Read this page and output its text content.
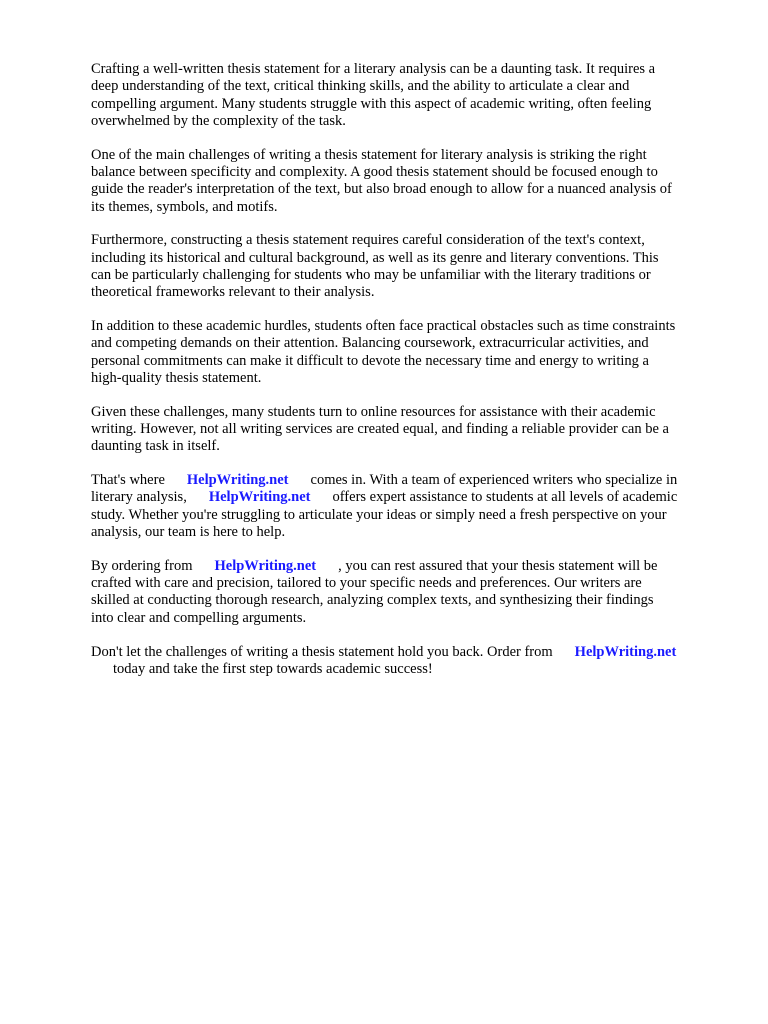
Crafting a well-written thesis statement for a literary analysis can be a daunting task. It requires a
deep understanding of the text, critical thinking skills, and the ability to articulate a clear and
compelling argument. Many students struggle with this aspect of academic writing, often feeling
overwhelmed by the complexity of the task.

One of the main challenges of writing a thesis statement for literary analysis is striking the right
balance between specificity and complexity. A good thesis statement should be focused enough to
guide the reader's interpretation of the text, but also broad enough to allow for a nuanced analysis of
its themes, symbols, and motifs.

Furthermore, constructing a thesis statement requires careful consideration of the text's context,
including its historical and cultural background, as well as its genre and literary conventions. This
can be particularly challenging for students who may be unfamiliar with the literary traditions or
theoretical frameworks relevant to their analysis.

In addition to these academic hurdles, students often face practical obstacles such as time constraints
and competing demands on their attention. Balancing coursework, extracurricular activities, and
personal commitments can make it difficult to devote the necessary time and energy to writing a
high-quality thesis statement.

Given these challenges, many students turn to online resources for assistance with their academic
writing. However, not all writing services are created equal, and finding a reliable provider can be a
daunting task in itself.

That's where HelpWriting.net comes in. With a team of experienced writers who specialize in
literary analysis, HelpWriting.net offers expert assistance to students at all levels of academic
study. Whether you're struggling to articulate your ideas or simply need a fresh perspective on your
analysis, our team is here to help.

By ordering from HelpWriting.net , you can rest assured that your thesis statement will be
crafted with care and precision, tailored to your specific needs and preferences. Our writers are
skilled at conducting thorough research, analyzing complex texts, and synthesizing their findings
into clear and compelling arguments.

Don't let the challenges of writing a thesis statement hold you back. Order from HelpWriting.net
today and take the first step towards academic success!
